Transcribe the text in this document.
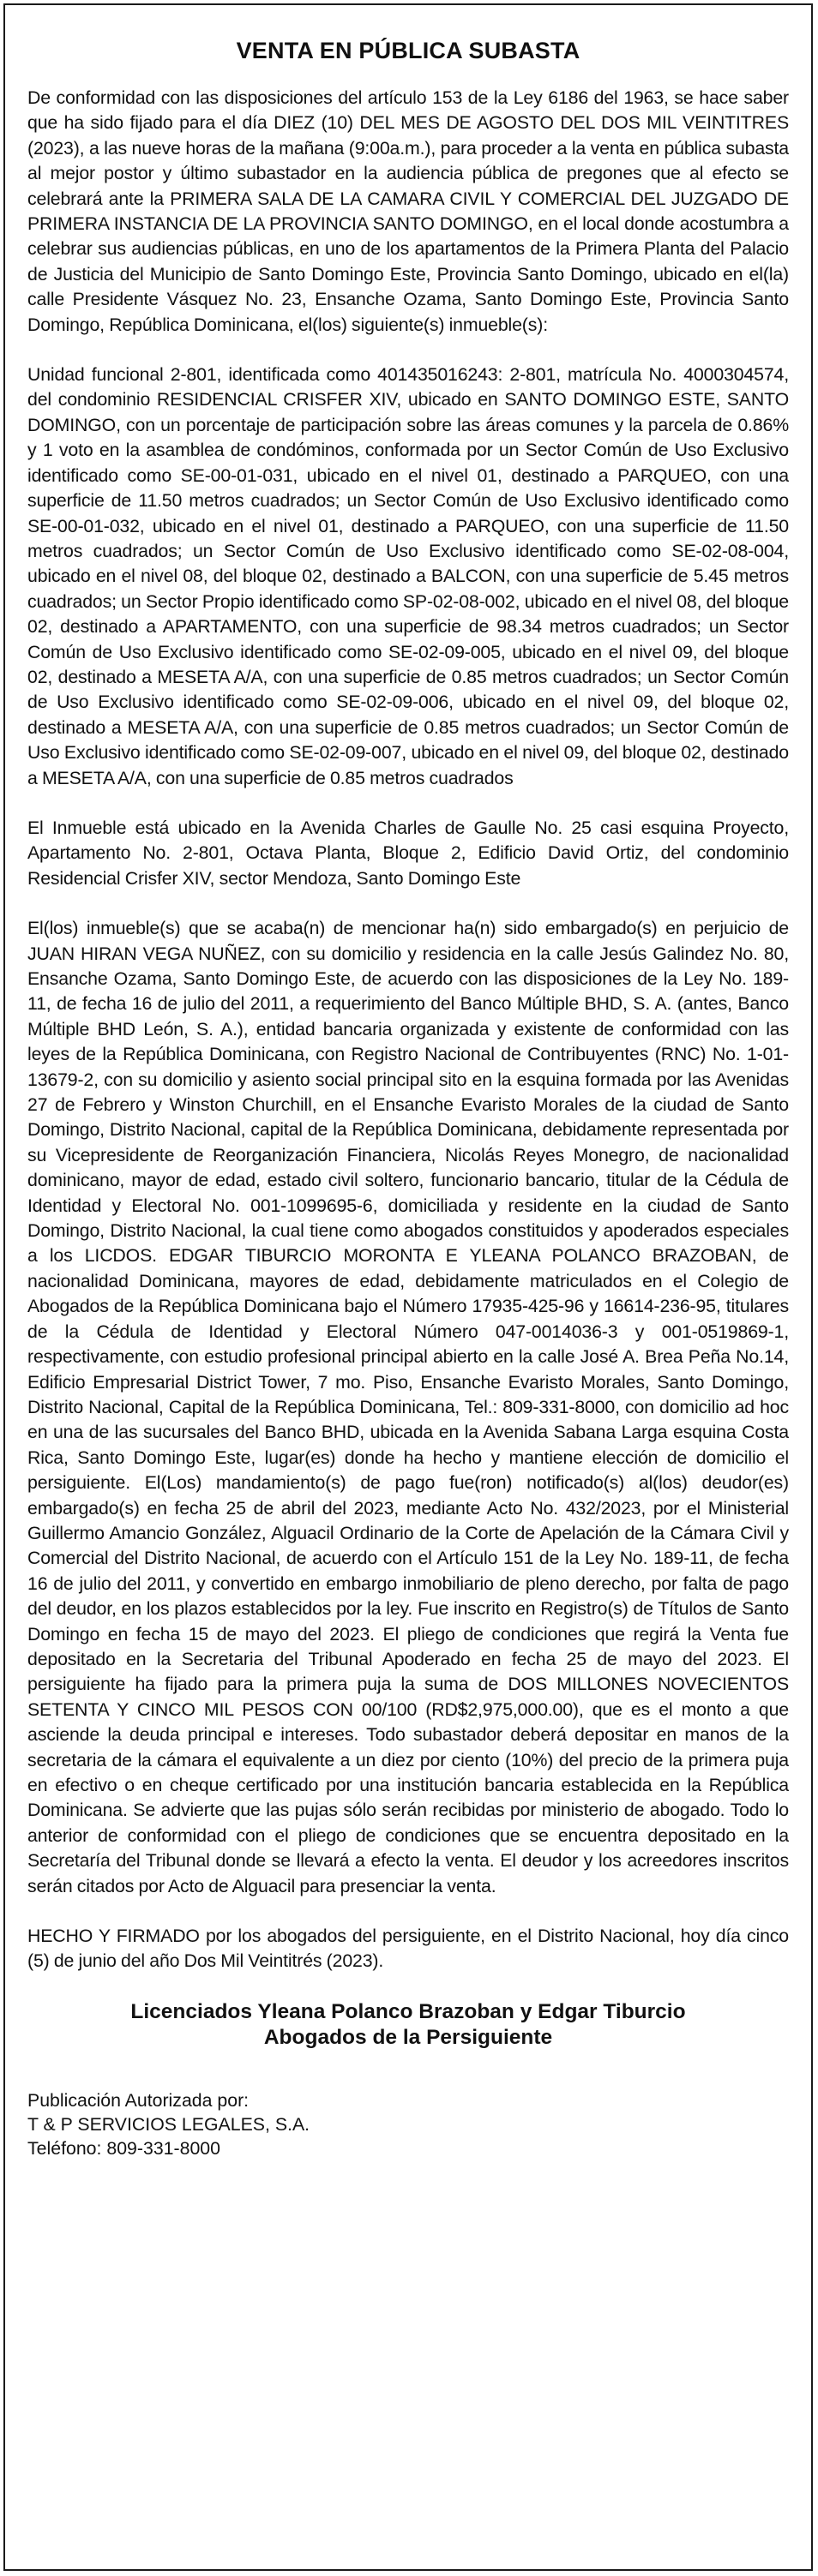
VENTA EN PÚBLICA SUBASTA
De conformidad con las disposiciones del artículo 153 de la Ley 6186 del 1963, se hace saber que ha sido fijado para el día DIEZ (10) DEL MES DE AGOSTO DEL DOS MIL VEINTITRES (2023), a las nueve horas de la mañana (9:00a.m.), para proceder a la venta en pública subasta al mejor postor y último subastador en la audiencia pública de pregones que al efecto se celebrará ante la PRIMERA SALA DE LA CAMARA CIVIL Y COMERCIAL DEL JUZGADO DE PRIMERA INSTANCIA DE LA PROVINCIA SANTO DOMINGO, en el local donde acostumbra a celebrar sus audiencias públicas, en uno de los apartamentos de la Primera Planta del Palacio de Justicia del Municipio de Santo Domingo Este, Provincia Santo Domingo, ubicado en el(la) calle Presidente Vásquez No. 23, Ensanche Ozama, Santo Domingo Este, Provincia Santo Domingo, República Dominicana, el(los) siguiente(s) inmueble(s):
Unidad funcional 2-801, identificada como 401435016243: 2-801, matrícula No. 4000304574, del condominio RESIDENCIAL CRISFER XIV, ubicado en SANTO DOMINGO ESTE, SANTO DOMINGO, con un porcentaje de participación sobre las áreas comunes y la parcela de 0.86% y 1 voto en la asamblea de condóminos, conformada por un Sector Común de Uso Exclusivo identificado como SE-00-01-031, ubicado en el nivel 01, destinado a PARQUEO, con una superficie de 11.50 metros cuadrados; un Sector Común de Uso Exclusivo identificado como SE-00-01-032, ubicado en el nivel 01, destinado a PARQUEO, con una superficie de 11.50 metros cuadrados; un Sector Común de Uso Exclusivo identificado como SE-02-08-004, ubicado en el nivel 08, del bloque 02, destinado a BALCON, con una superficie de 5.45 metros cuadrados; un Sector Propio identificado como SP-02-08-002, ubicado en el nivel 08, del bloque 02, destinado a APARTAMENTO, con una superficie de 98.34 metros cuadrados; un Sector Común de Uso Exclusivo identificado como SE-02-09-005, ubicado en el nivel 09, del bloque 02, destinado a MESETA A/A, con una superficie de 0.85 metros cuadrados; un Sector Común de Uso Exclusivo identificado como SE-02-09-006, ubicado en el nivel 09, del bloque 02, destinado a MESETA A/A, con una superficie de 0.85 metros cuadrados; un Sector Común de Uso Exclusivo identificado como SE-02-09-007, ubicado en el nivel 09, del bloque 02, destinado a MESETA A/A, con una superficie de 0.85 metros cuadrados
El Inmueble está ubicado en la Avenida Charles de Gaulle No. 25 casi esquina Proyecto, Apartamento No. 2-801, Octava Planta, Bloque 2, Edificio David Ortiz, del condominio Residencial Crisfer XIV, sector Mendoza, Santo Domingo Este
El(los) inmueble(s) que se acaba(n) de mencionar ha(n) sido embargado(s) en perjuicio de JUAN HIRAN VEGA NUÑEZ, con su domicilio y residencia en la calle Jesús Galindez No. 80, Ensanche Ozama, Santo Domingo Este, de acuerdo con las disposiciones de la Ley No. 189-11, de fecha 16 de julio del 2011, a requerimiento del Banco Múltiple BHD, S. A. (antes, Banco Múltiple BHD León, S. A.), entidad bancaria organizada y existente de conformidad con las leyes de la República Dominicana, con Registro Nacional de Contribuyentes (RNC) No. 1-01-13679-2, con su domicilio y asiento social principal sito en la esquina formada por las Avenidas 27 de Febrero y Winston Churchill, en el Ensanche Evaristo Morales de la ciudad de Santo Domingo, Distrito Nacional, capital de la República Dominicana, debidamente representada por su Vicepresidente de Reorganización Financiera, Nicolás Reyes Monegro, de nacionalidad dominicano, mayor de edad, estado civil soltero, funcionario bancario, titular de la Cédula de Identidad y Electoral No. 001-1099695-6, domiciliada y residente en la ciudad de Santo Domingo, Distrito Nacional, la cual tiene como abogados constituidos y apoderados especiales a los LICDOS. EDGAR TIBURCIO MORONTA E YLEANA POLANCO BRAZOBAN, de nacionalidad Dominicana, mayores de edad, debidamente matriculados en el Colegio de Abogados de la República Dominicana bajo el Número 17935-425-96 y 16614-236-95, titulares de la Cédula de Identidad y Electoral Número 047-0014036-3 y 001-0519869-1, respectivamente, con estudio profesional principal abierto en la calle José A. Brea Peña No.14, Edificio Empresarial District Tower, 7 mo. Piso, Ensanche Evaristo Morales, Santo Domingo, Distrito Nacional, Capital de la República Dominicana, Tel.: 809-331-8000, con domicilio ad hoc en una de las sucursales del Banco BHD, ubicada en la Avenida Sabana Larga esquina Costa Rica, Santo Domingo Este, lugar(es) donde ha hecho y mantiene elección de domicilio el persiguiente. El(Los) mandamiento(s) de pago fue(ron) notificado(s) al(los) deudor(es) embargado(s) en fecha 25 de abril del 2023, mediante Acto No. 432/2023, por el Ministerial Guillermo Amancio González, Alguacil Ordinario de la Corte de Apelación de la Cámara Civil y Comercial del Distrito Nacional, de acuerdo con el Artículo 151 de la Ley No. 189-11, de fecha 16 de julio del 2011, y convertido en embargo inmobiliario de pleno derecho, por falta de pago del deudor, en los plazos establecidos por la ley. Fue inscrito en Registro(s) de Títulos de Santo Domingo en fecha 15 de mayo del 2023. El pliego de condiciones que regirá la Venta fue depositado en la Secretaria del Tribunal Apoderado en fecha 25 de mayo del 2023. El persiguiente ha fijado para la primera puja la suma de DOS MILLONES NOVECIENTOS SETENTA Y CINCO MIL PESOS CON 00/100 (RD$2,975,000.00), que es el monto a que asciende la deuda principal e intereses. Todo subastador deberá depositar en manos de la secretaria de la cámara el equivalente a un diez por ciento (10%) del precio de la primera puja en efectivo o en cheque certificado por una institución bancaria establecida en la República Dominicana. Se advierte que las pujas sólo serán recibidas por ministerio de abogado. Todo lo anterior de conformidad con el pliego de condiciones que se encuentra depositado en la Secretaría del Tribunal donde se llevará a efecto la venta. El deudor y los acreedores inscritos serán citados por Acto de Alguacil para presenciar la venta.
HECHO Y FIRMADO por los abogados del persiguiente, en el Distrito Nacional, hoy día cinco (5) de junio del año Dos Mil Veintitrés (2023).
Licenciados Yleana Polanco Brazoban y Edgar Tiburcio
Abogados de la Persiguiente
Publicación Autorizada por:
T & P SERVICIOS LEGALES, S.A.
Teléfono: 809-331-8000
